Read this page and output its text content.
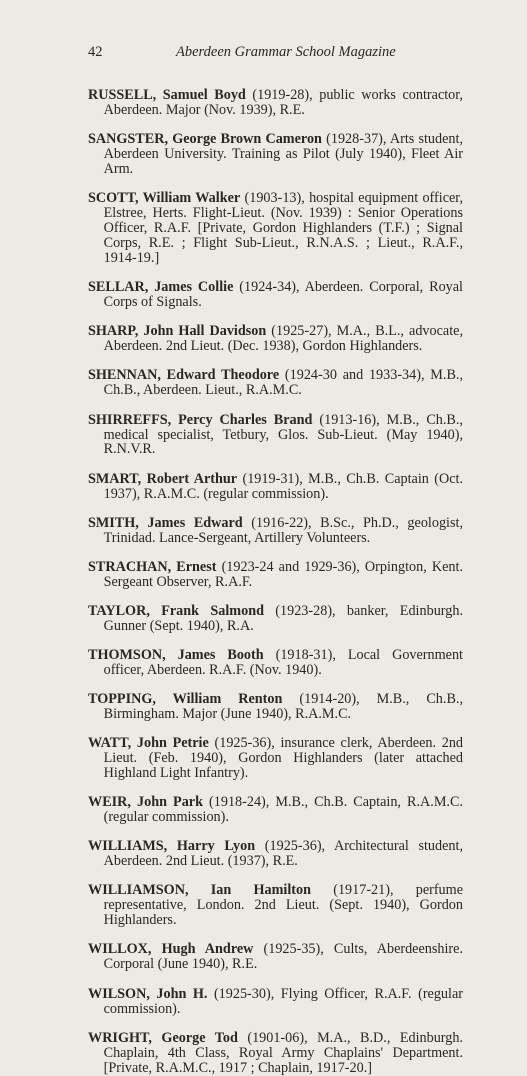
42	Aberdeen Grammar School Magazine

RUSSELL, Samuel Boyd (1919-28), public works contractor, Aberdeen. Major (Nov. 1939), R.E.

SANGSTER, George Brown Cameron (1928-37), Arts student, Aberdeen University. Training as Pilot (July 1940), Fleet Air Arm.

SCOTT, William Walker (1903-13), hospital equipment officer, Elstree, Herts. Flight-Lieut. (Nov. 1939) : Senior Operations Officer, R.A.F. [Private, Gordon Highlanders (T.F.) ; Signal Corps, R.E. ; Flight Sub-Lieut., R.N.A.S. ; Lieut., R.A.F., 1914-19.]

SELLAR, James Collie (1924-34), Aberdeen. Corporal, Royal Corps of Signals.

SHARP, John Hall Davidson (1925-27), M.A., B.L., advocate, Aberdeen. 2nd Lieut. (Dec. 1938), Gordon Highlanders.

SHENNAN, Edward Theodore (1924-30 and 1933-34), M.B., Ch.B., Aberdeen. Lieut., R.A.M.C.

SHIRREFFS, Percy Charles Brand (1913-16), M.B., Ch.B., medical specialist, Tetbury, Glos. Sub-Lieut. (May 1940), R.N.V.R.

SMART, Robert Arthur (1919-31), M.B., Ch.B. Captain (Oct. 1937), R.A.M.C. (regular commission).

SMITH, James Edward (1916-22), B.Sc., Ph.D., geologist, Trinidad. Lance-Sergeant, Artillery Volunteers.

STRACHAN, Ernest (1923-24 and 1929-36), Orpington, Kent. Sergeant Observer, R.A.F.

TAYLOR, Frank Salmond (1923-28), banker, Edinburgh. Gunner (Sept. 1940), R.A.

THOMSON, James Booth (1918-31), Local Government officer, Aberdeen. R.A.F. (Nov. 1940).

TOPPING, William Renton (1914-20), M.B., Ch.B., Birmingham. Major (June 1940), R.A.M.C.

WATT, John Petrie (1925-36), insurance clerk, Aberdeen. 2nd Lieut. (Feb. 1940), Gordon Highlanders (later attached Highland Light Infantry).

WEIR, John Park (1918-24), M.B., Ch.B. Captain, R.A.M.C. (regular commission).

WILLIAMS, Harry Lyon (1925-36), Architectural student, Aberdeen. 2nd Lieut. (1937), R.E.

WILLIAMSON, Ian Hamilton (1917-21), perfume representative, London. 2nd Lieut. (Sept. 1940), Gordon Highlanders.

WILLOX, Hugh Andrew (1925-35), Cults, Aberdeenshire. Corporal (June 1940), R.E.

WILSON, John H. (1925-30), Flying Officer, R.A.F. (regular commission).

WRIGHT, George Tod (1901-06), M.A., B.D., Edinburgh. Chaplain, 4th Class, Royal Army Chaplains' Department. [Private, R.A.M.C., 1917 ; Chaplain, 1917-20.]
